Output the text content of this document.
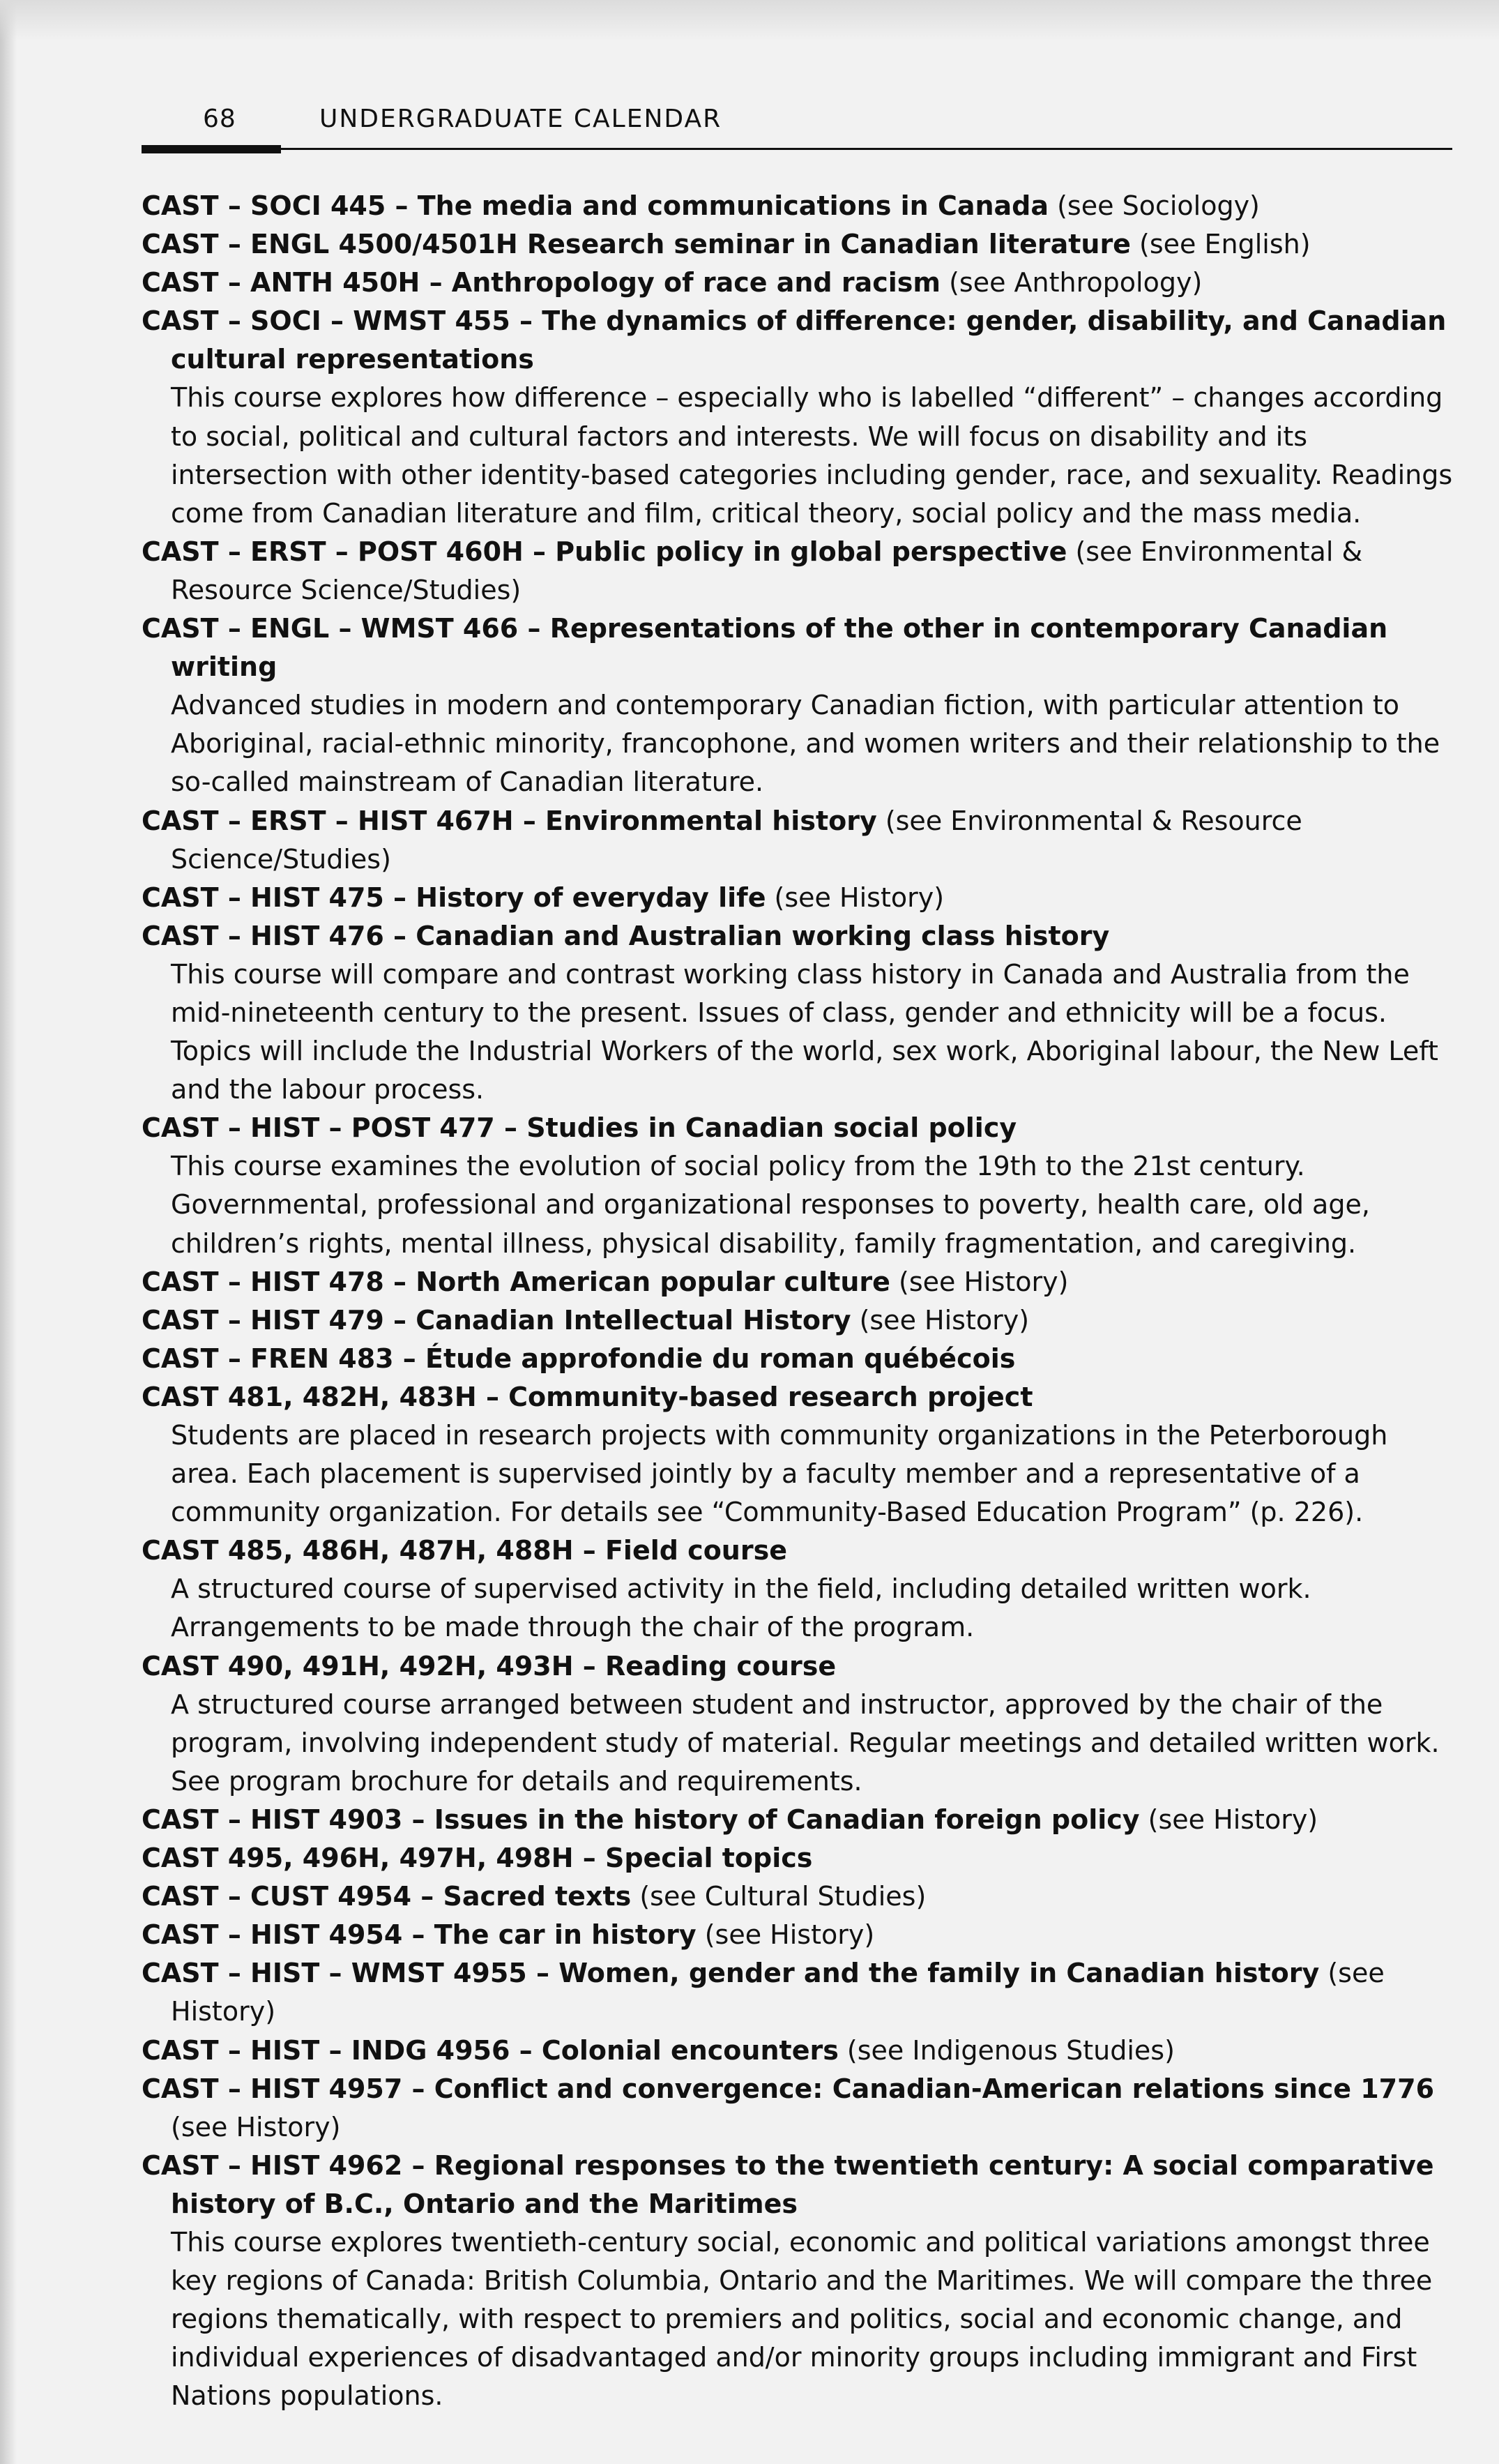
68	UNDERGRADUATE CALENDAR
CAST – SOCI 445 – The media and communications in Canada (see Sociology)
CAST – ENGL 4500/4501H Research seminar in Canadian literature (see English)
CAST – ANTH 450H – Anthropology of race and racism (see Anthropology)
CAST – SOCI – WMST 455 – The dynamics of difference: gender, disability, and Canadian cultural representations
This course explores how difference – especially who is labelled “different” – changes according to social, political and cultural factors and interests. We will focus on disability and its intersection with other identity-based categories including gender, race, and sexuality. Readings come from Canadian literature and film, critical theory, social policy and the mass media.
CAST – ERST – POST 460H – Public policy in global perspective (see Environmental & Resource Science/Studies)
CAST – ENGL – WMST 466 – Representations of the other in contemporary Canadian writing
Advanced studies in modern and contemporary Canadian fiction, with particular attention to Aboriginal, racial-ethnic minority, francophone, and women writers and their relationship to the so-called mainstream of Canadian literature.
CAST – ERST – HIST 467H – Environmental history (see Environmental & Resource Science/Studies)
CAST – HIST 475 – History of everyday life (see History)
CAST – HIST 476 – Canadian and Australian working class history
This course will compare and contrast working class history in Canada and Australia from the mid-nineteenth century to the present. Issues of class, gender and ethnicity will be a focus. Topics will include the Industrial Workers of the world, sex work, Aboriginal labour, the New Left and the labour process.
CAST – HIST – POST 477 – Studies in Canadian social policy
This course examines the evolution of social policy from the 19th to the 21st century. Governmental, professional and organizational responses to poverty, health care, old age, children’s rights, mental illness, physical disability, family fragmentation, and caregiving.
CAST – HIST 478 – North American popular culture (see History)
CAST – HIST 479 – Canadian Intellectual History (see History)
CAST – FREN 483 – Étude approfondie du roman québécois
CAST 481, 482H, 483H – Community-based research project
Students are placed in research projects with community organizations in the Peterborough area. Each placement is supervised jointly by a faculty member and a representative of a community organization. For details see “Community-Based Education Program” (p. 226).
CAST 485, 486H, 487H, 488H – Field course
A structured course of supervised activity in the field, including detailed written work. Arrangements to be made through the chair of the program.
CAST 490, 491H, 492H, 493H – Reading course
A structured course arranged between student and instructor, approved by the chair of the program, involving independent study of material. Regular meetings and detailed written work. See program brochure for details and requirements.
CAST – HIST 4903 – Issues in the history of Canadian foreign policy (see History)
CAST 495, 496H, 497H, 498H – Special topics
CAST – CUST 4954 – Sacred texts (see Cultural Studies)
CAST – HIST 4954 – The car in history (see History)
CAST – HIST – WMST 4955 – Women, gender and the family in Canadian history (see History)
CAST – HIST – INDG 4956 – Colonial encounters (see Indigenous Studies)
CAST – HIST 4957 – Conflict and convergence: Canadian-American relations since 1776 (see History)
CAST – HIST 4962 – Regional responses to the twentieth century: A social comparative history of B.C., Ontario and the Maritimes
This course explores twentieth-century social, economic and political variations amongst three key regions of Canada: British Columbia, Ontario and the Maritimes. We will compare the three regions thematically, with respect to premiers and politics, social and economic change, and individual experiences of disadvantaged and/or minority groups including immigrant and First Nations populations.
